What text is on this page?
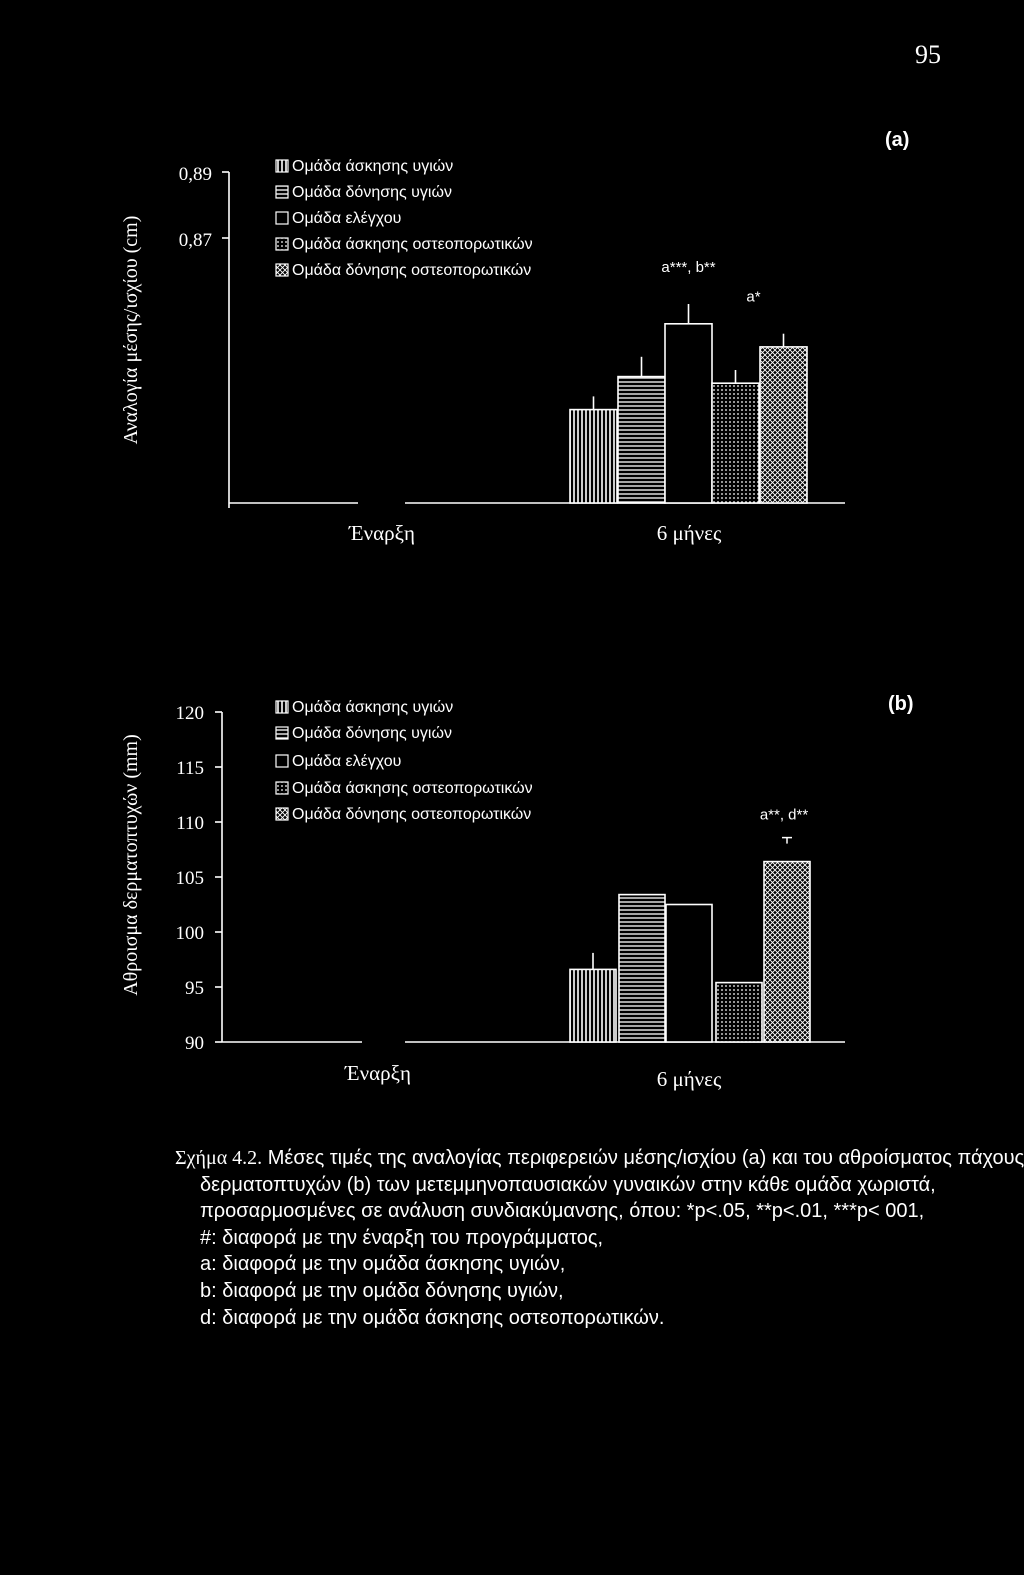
95
(a)
Αναλογία μέσης/ισχίου (cm)
0,89
0,87
Έναρξη	6 μήνες
Ομάδα άσκησης υγιών
Ομάδα δόνησης υγιών
Ομάδα ελέγχου
Ομάδα άσκησης οστεοπορωτικών
Ομάδα δόνησης οστεοπορωτικών	a***, b**
a*
(b)
Αθροισμα δερματοπτυχών (mm)
120
115
110
105
100
95
90
Έναρξη	6 μήνες
Ομάδα άσκησης υγιών
Ομάδα δόνησης υγιών
Ομάδα ελέγχου
Ομάδα άσκησης οστεοπορωτικών
Ομάδα δόνησης οστεοπορωτικών	a**, d**
Σχήμα 4.2. Μέσες τιμές της αναλογίας περιφερειών μέσης/ισχίου (a) και του αθροίσματος πάχους
δερματοπτυχών (b) των μετεμμηνοπαυσιακών γυναικών στην κάθε ομάδα χωριστά,
προσαρμοσμένες σε ανάλυση συνδιακύμανσης, όπου: *p<.05, **p<.01, ***p< 001,
#: διαφορά με την έναρξη του προγράμματος,
a: διαφορά με την ομάδα άσκησης υγιών,
b: διαφορά με την ομάδα δόνησης υγιών,
d: διαφορά με την ομάδα άσκησης οστεοπορωτικών.
